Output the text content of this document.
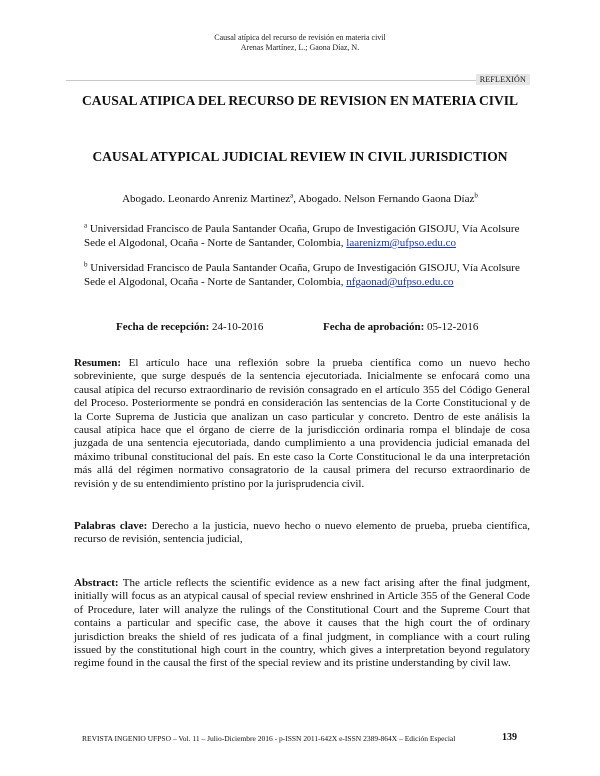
Causal atípica del recurso de revisión en materia civil
Arenas Martínez, L.; Gaona Díaz, N.
REFLEXIÓN
CAUSAL ATIPICA DEL RECURSO DE REVISION EN MATERIA CIVIL
CAUSAL ATYPICAL JUDICIAL REVIEW IN CIVIL JURISDICTION
Abogado. Leonardo Anreniz Martinez$^a$, Abogado. Nelson Fernando Gaona Díaz$^b$
$^a$ Universidad Francisco de Paula Santander Ocaña, Grupo de Investigación GISOJU, Vía Acolsure Sede el Algodonal, Ocaña - Norte de Santander, Colombia, laarenizm@ufpso.edu.co
$^b$ Universidad Francisco de Paula Santander Ocaña, Grupo de Investigación GISOJU, Vía Acolsure Sede el Algodonal, Ocaña - Norte de Santander, Colombia, nfgaonad@ufpso.edu.co
Fecha de recepción: 24-10-2016	Fecha de aprobación: 05-12-2016
Resumen: El artículo hace una reflexión sobre la prueba científica como un nuevo hecho sobreviniente, que surge después de la sentencia ejecutoriada. Inicialmente se enfocará como una causal atípica del recurso extraordinario de revisión consagrado en el artículo 355 del Código General del Proceso. Posteriormente se pondrá en consideración las sentencias de la Corte Constitucional y de la Corte Suprema de Justicia que analizan un caso particular y concreto. Dentro de este análisis la causal atípica hace que el órgano de cierre de la jurisdicción ordinaria rompa el blindaje de cosa juzgada de una sentencia ejecutoriada, dando cumplimiento a una providencia judicial emanada del máximo tribunal constitucional del país. En este caso la Corte Constitucional le da una interpretación más allá del régimen normativo consagratorio de la causal primera del recurso extraordinario de revisión y de su entendimiento prístino por la jurisprudencia civil.
Palabras clave: Derecho a la justicia, nuevo hecho o nuevo elemento de prueba, prueba científica, recurso de revisión, sentencia judicial,
Abstract: The article reflects the scientific evidence as a new fact arising after the final judgment, initially will focus as an atypical causal of special review enshrined in Article 355 of the General Code of Procedure, later will analyze the rulings of the Constitutional Court and the Supreme Court that contains a particular and specific case, the above it causes that the high court the of ordinary jurisdiction breaks the shield of res judicata of a final judgment, in compliance with a court ruling issued by the constitutional high court in the country, which gives a interpretation beyond regulatory regime found in the causal the first of the special review and its pristine understanding by civil law.
REVISTA INGENIO UFPSO – Vol. 11 – Julio-Diciembre 2016 - p-ISSN 2011-642X e-ISSN 2389-864X – Edición Especial	139
